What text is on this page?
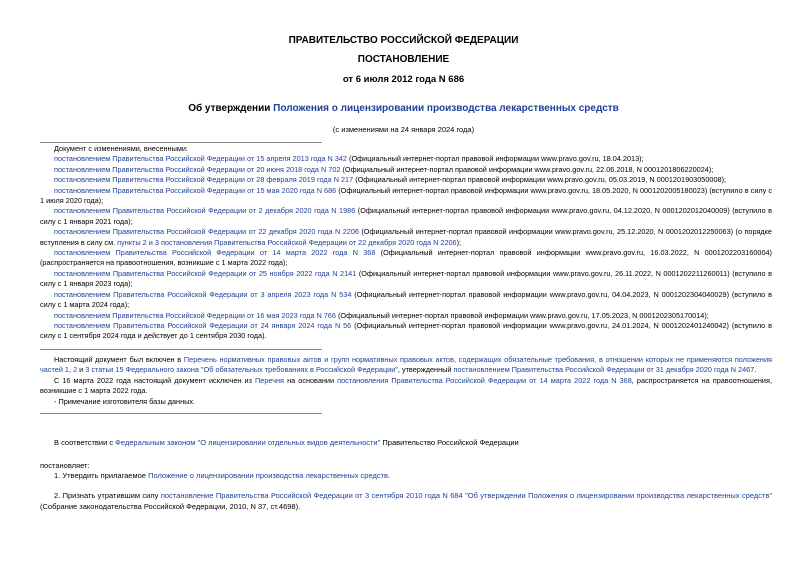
ПРАВИТЕЛЬСТВО РОССИЙСКОЙ ФЕДЕРАЦИИ
ПОСТАНОВЛЕНИЕ
от 6 июля 2012 года N 686
Об утверждении Положения о лицензировании производства лекарственных средств
(с изменениями на 24 января 2024 года)

Документ с изменениями, внесенными:

постановлением Правительства Российской Федерации от 15 апреля 2013 года N 342 (Официальный интернет-портал правовой информации www.pravo.gov.ru, 18.04.2013);

постановлением Правительства Российской Федерации от 20 июня 2018 года N 702 (Официальный интернет-портал правовой информации www.pravo.gov.ru, 22.06.2018, N 0001201806220024);

постановлением Правительства Российской Федерации от 28 февраля 2019 года N 217 (Официальный интернет-портал правовой информации www.pravo.gov.ru, 05.03.2019, N 0001201903050008);

постановлением Правительства Российской Федерации от 15 мая 2020 года N 686 (Официальный интернет-портал правовой информации www.pravo.gov.ru, 18.05.2020, N 0001202005180023) (вступило в силу с 1 июля 2020 года);

постановлением Правительства Российской Федерации от 2 декабря 2020 года N 1986 (Официальный интернет-портал правовой информации www.pravo.gov.ru, 04.12.2020, N 0001202012040009) (вступило в силу с 1 января 2021 года);

постановлением Правительства Российской Федерации от 22 декабря 2020 года N 2206 (Официальный интернет-портал правовой информации www.pravo.gov.ru, 25.12.2020, N 0001202012250063) (о порядке вступления в силу см. пункты 2 и 3 постановления Правительства Российской Федерации от 22 декабря 2020 года N 2206);

постановлением Правительства Российской Федерации от 14 марта 2022 года N 368 (Официальный интернет-портал правовой информации www.pravo.gov.ru, 16.03.2022, N 0001202203160004) (распространяется на правоотношения, возникшие с 1 марта 2022 года);

постановлением Правительства Российской Федерации от 25 ноября 2022 года N 2141 (Официальный интернет-портал правовой информации www.pravo.gov.ru, 26.11.2022, N 0001202211260011) (вступило в силу с 1 января 2023 года);

постановлением Правительства Российской Федерации от 3 апреля 2023 года N 534 (Официальный интернет-портал правовой информации www.pravo.gov.ru, 04.04.2023, N 0001202304040029) (вступило в силу с 1 марта 2024 года);

постановлением Правительства Российской Федерации от 16 мая 2023 года N 766 (Официальный интернет-портал правовой информации www.pravo.gov.ru, 17.05.2023, N 0001202305170014);

постановлением Правительства Российской Федерации от 24 января 2024 года N 56 (Официальный интернет-портал правовой информации www.pravo.gov.ru, 24.01.2024, N 0001202401240042) (вступило в силу с 1 сентября 2024 года и действует до 1 сентября 2030 года).

Настоящий документ был включен в Перечень нормативных правовых актов и групп нормативных правовых актов, содержащих обязательные требования, в отношении которых не применяются положения частей 1, 2 и 3 статьи 15 Федерального закона "Об обязательных требованиях в Российской Федерации", утвержденный постановлением Правительства Российской Федерации от 31 декабря 2020 года N 2467.

С 16 марта 2022 года настоящий документ исключен из Перечня на основании постановления Правительства Российской Федерации от 14 марта 2022 года N 368, распространяется на правоотношения, возникшие с 1 марта 2022 года.

- Примечание изготовителя базы данных.

В соответствии с Федеральным законом "О лицензировании отдельных видов деятельности" Правительство Российской Федерации

постановляет:

1. Утвердить прилагаемое Положение о лицензировании производства лекарственных средств.

2. Признать утратившим силу постановление Правительства Российской Федерации от 3 сентября 2010 года N 684 "Об утверждении Положения о лицензировании производства лекарственных средств" (Собрание законодательства Российской Федерации, 2010, N 37, ст.4698).
